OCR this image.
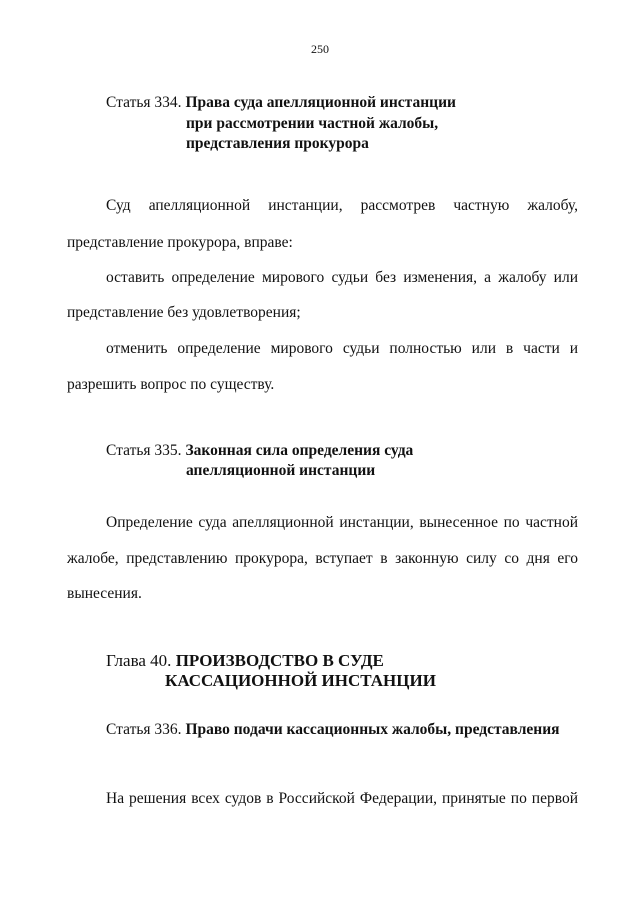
250
Статья 334. Права суда апелляционной инстанции
при рассмотрении частной жалобы,
представления прокурора
Суд апелляционной инстанции, рассмотрев частную жалобу,
представление прокурора, вправе:
оставить определение мирового судьи без изменения, а жалобу или
представление без удовлетворения;
отменить определение мирового судьи полностью или в части и
разрешить вопрос по существу.
Статья 335. Законная сила определения суда
апелляционной инстанции
Определение суда апелляционной инстанции, вынесенное по частной
жалобе, представлению прокурора, вступает в законную силу со дня его
вынесения.
Глава 40. ПРОИЗВОДСТВО В СУДЕ
КАССАЦИОННОЙ ИНСТАНЦИИ
Статья 336. Право подачи кассационных жалобы, представления
На решения всех судов в Российской Федерации, принятые по первой
